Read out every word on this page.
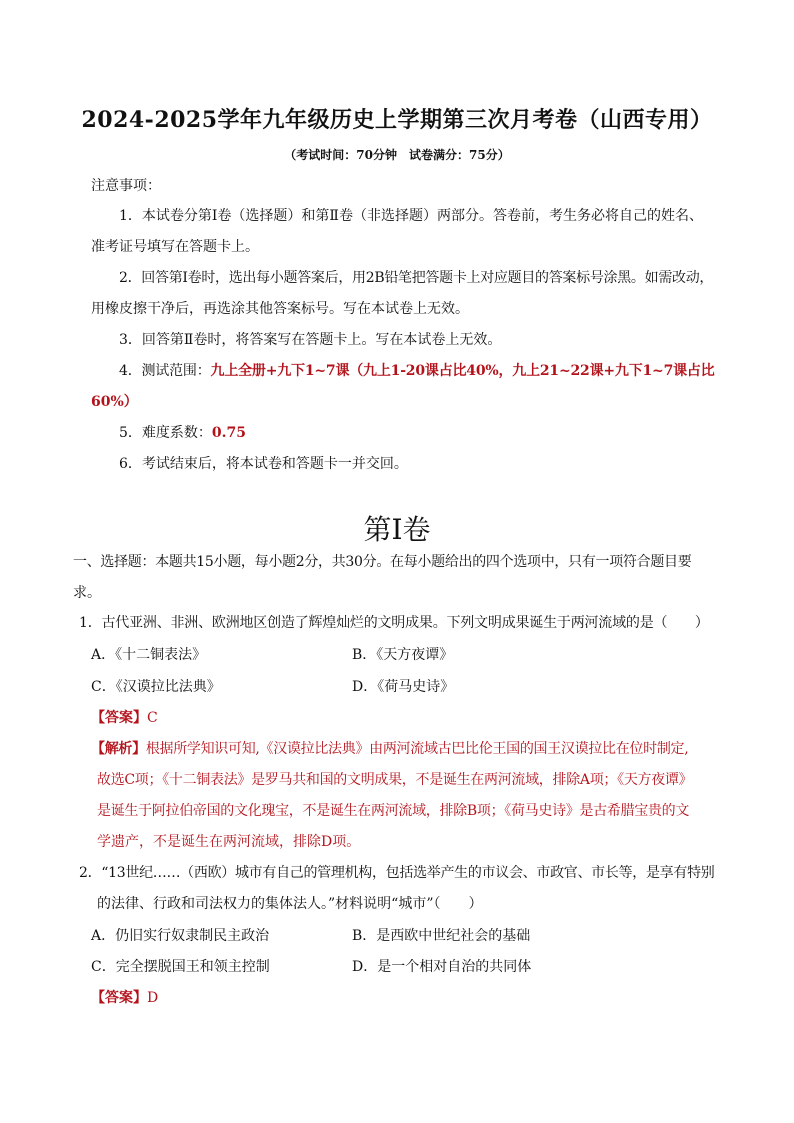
2024-2025学年九年级历史上学期第三次月考卷（山西专用）
（考试时间：70分钟　试卷满分：75分）
注意事项：
1．本试卷分第Ⅰ卷（选择题）和第Ⅱ卷（非选择题）两部分。答卷前，考生务必将自己的姓名、
准考证号填写在答题卡上。
2．回答第Ⅰ卷时，选出每小题答案后，用2B铅笔把答题卡上对应题目的答案标号涂黑。如需改动，
用橡皮擦干净后，再选涂其他答案标号。写在本试卷上无效。
3．回答第Ⅱ卷时，将答案写在答题卡上。写在本试卷上无效。
4．测试范围：九上全册+九下1~7课（九上1-20课占比40%，九上21~22课+九下1~7课占比
60%）
5．难度系数：0.75
6．考试结束后，将本试卷和答题卡一并交回。
第Ⅰ卷
一、选择题：本题共15小题，每小题2分，共30分。在每小题给出的四个选项中，只有一项符合题目要
求。
1．古代亚洲、非洲、欧洲地区创造了辉煌灿烂的文明成果。下列文明成果诞生于两河流域的是（　　）
A．《十二铜表法》	B．《天方夜谭》
C．《汉谟拉比法典》	D．《荷马史诗》
【答案】C
【解析】根据所学知识可知,《汉谟拉比法典》由两河流域古巴比伦王国的国王汉谟拉比在位时制定,
故选C项；《十二铜表法》是罗马共和国的文明成果，不是诞生在两河流域，排除A项；《天方夜谭》
是诞生于阿拉伯帝国的文化瑰宝，不是诞生在两河流域，排除B项；《荷马史诗》是古希腊宝贵的文
学遗产，不是诞生在两河流域，排除D项。
2．“13世纪……（西欧）城市有自己的管理机构，包括选举产生的市议会、市政官、市长等，是享有特别
的法律、行政和司法权力的集体法人。”材料说明“城市”（　　）
A．仍旧实行奴隶制民主政治	B．是西欧中世纪社会的基础
C．完全摆脱国王和领主控制	D．是一个相对自治的共同体
【答案】D
